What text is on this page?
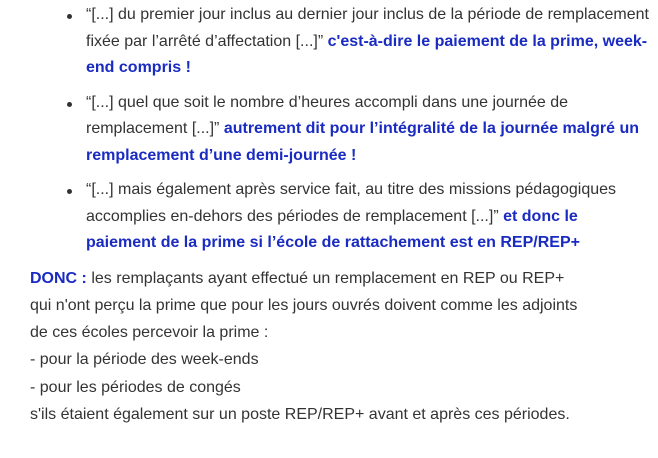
“[...] du premier jour inclus au dernier jour inclus de la période de remplacement fixée par l’arrêté d’affectation [...]” c'est-à-dire le paiement de la prime, week-end compris !
“[...] quel que soit le nombre d’heures accompli dans une journée de remplacement [...]” autrement dit pour l’intégralité de la journée malgré un remplacement d’une demi-journée !
“[...] mais également après service fait, au titre des missions pédagogiques accomplies en-dehors des périodes de remplacement [...]” et donc le paiement de la prime si l’école de rattachement est en REP/REP+
DONC : les remplaçants ayant effectué un remplacement en REP ou REP+
qui n'ont perçu la prime que pour les jours ouvrés doivent comme les adjoints
de ces écoles percevoir la prime :
- pour la période des week-ends
- pour les périodes de congés
s'ils étaient également sur un poste REP/REP+ avant et après ces périodes.
